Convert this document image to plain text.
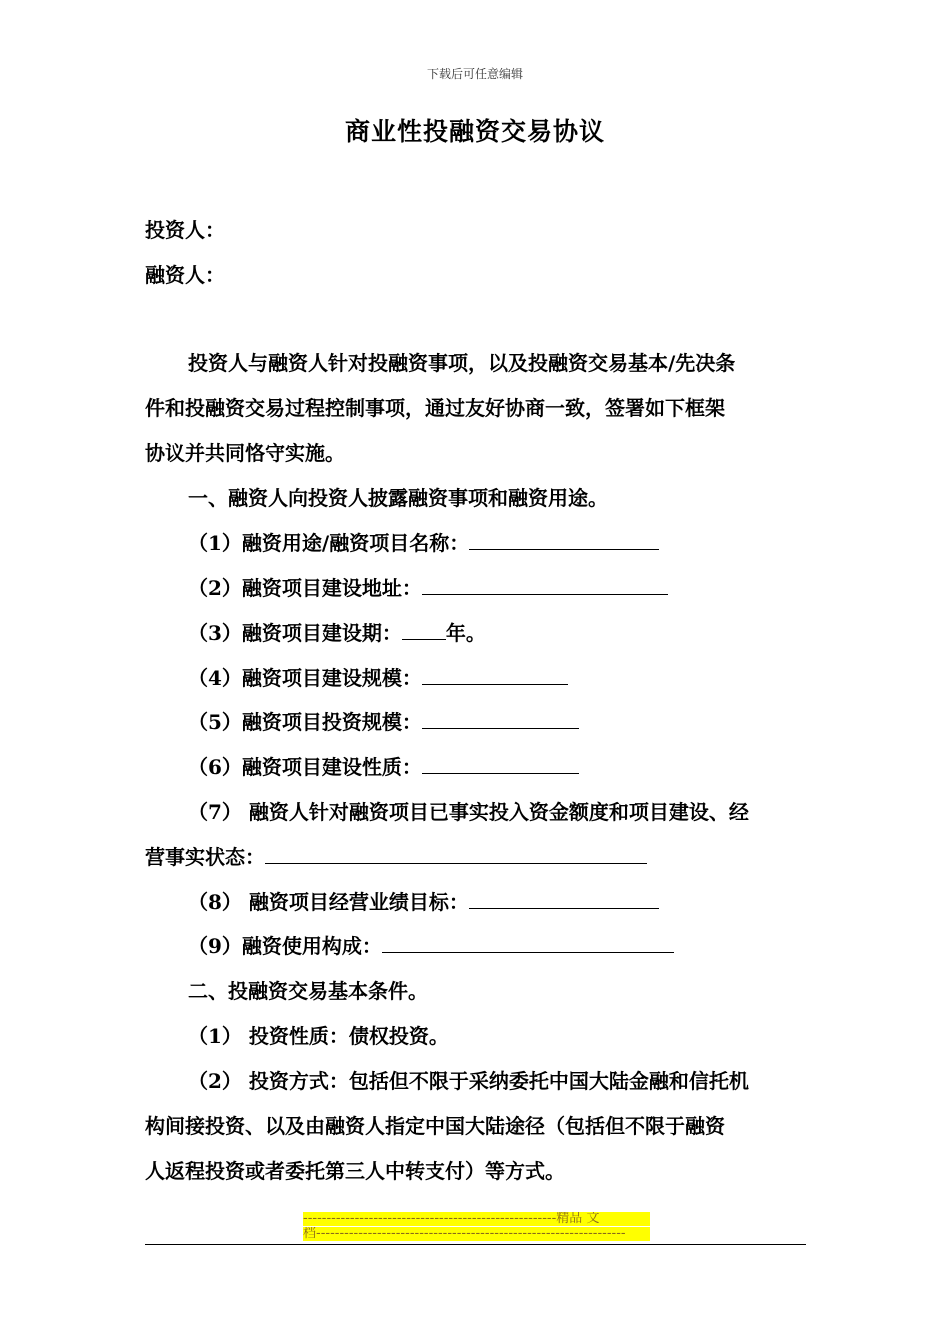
下载后可任意编辑
商业性投融资交易协议
投资人：
融资人：
投资人与融资人针对投融资事项，以及投融资交易基本/先决条
件和投融资交易过程控制事项，通过友好协商一致，签署如下框架
协议并共同恪守实施。
一、融资人向投资人披露融资事项和融资用途。
（1）融资用途/融资项目名称：
（2）融资项目建设地址：
（3）融资项目建设期： 年。
（4）融资项目建设规模：
（5）融资项目投资规模：
（6）融资项目建设性质：
（7） 融资人针对融资项目已事实投入资金额度和项目建设、经
营事实状态：
（8） 融资项目经营业绩目标：
（9）融资使用构成：
二、投融资交易基本条件。
（1） 投资性质：债权投资。
（2） 投资方式：包括但不限于采纳委托中国大陆金融和信托机
构间接投资、以及由融资人指定中国大陆途径（包括但不限于融资
人返程投资或者委托第三人中转支付）等方式。
------------------------------------------------------精品 文
档------------------------------------------------------------------
